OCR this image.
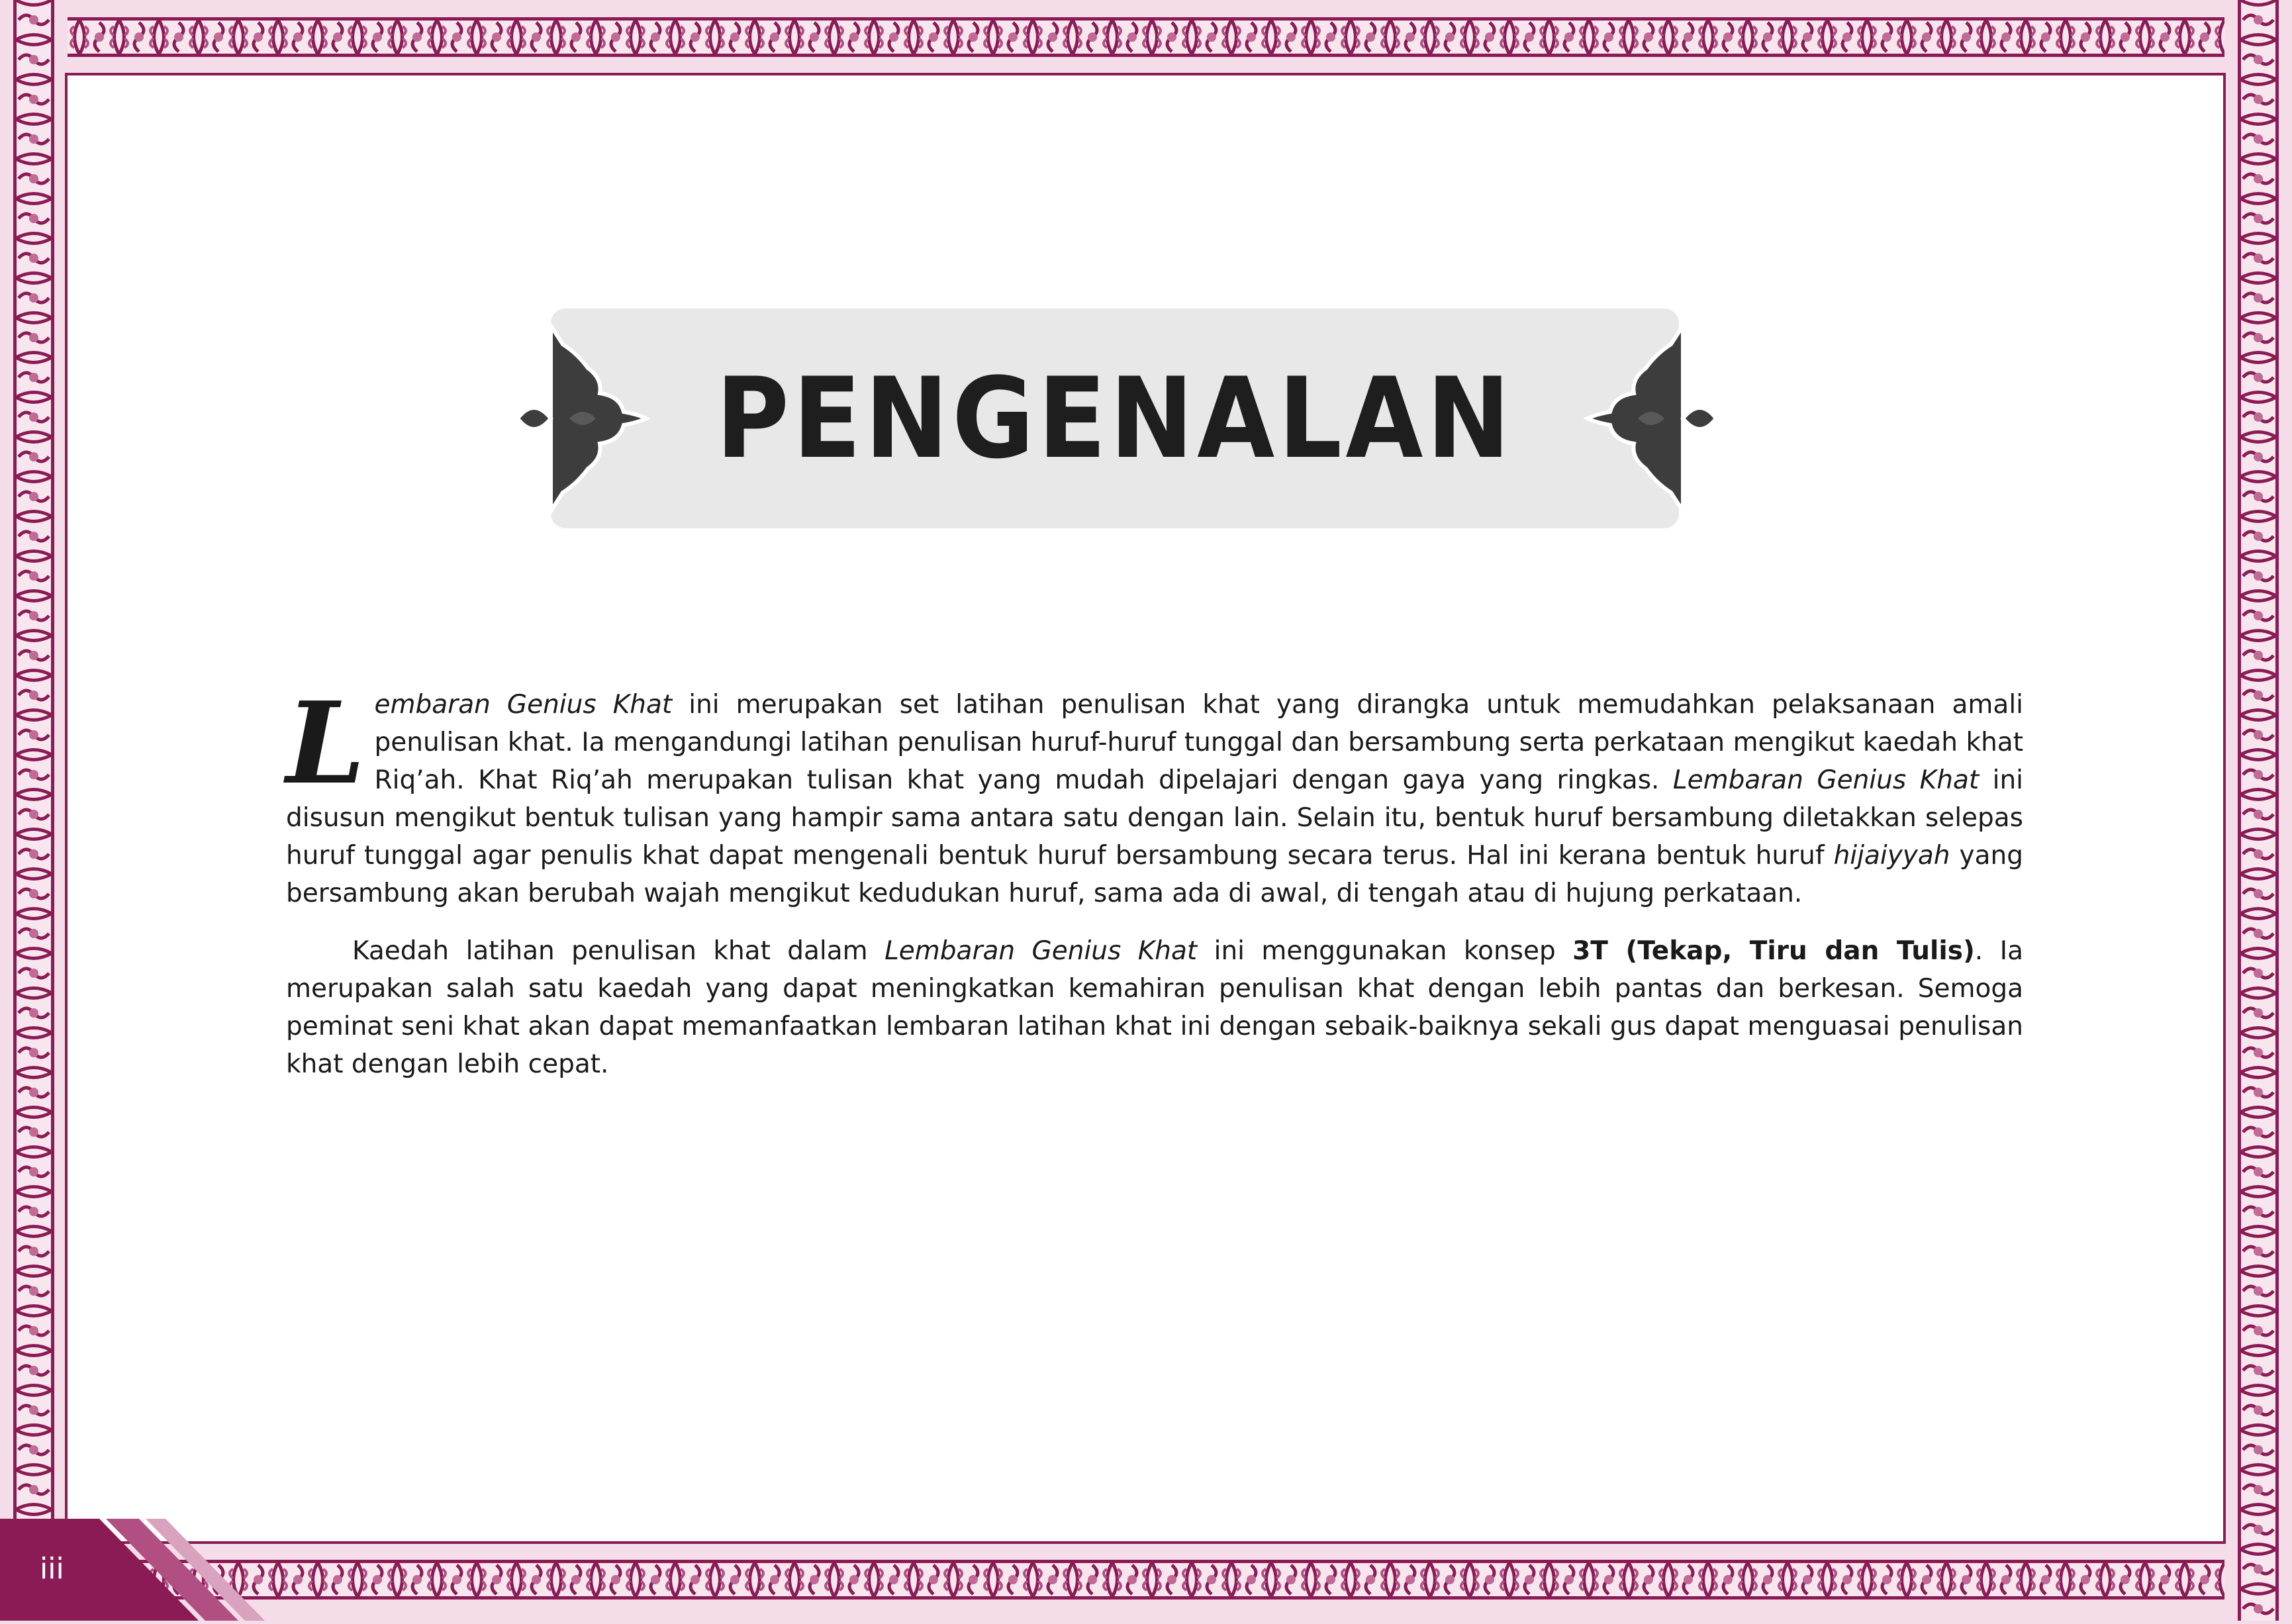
PENGENALAN

Lembaran Genius Khat ini merupakan set latihan penulisan khat yang dirangka untuk memudahkan pelaksanaan amali penulisan khat. Ia mengandungi latihan penulisan huruf-huruf tunggal dan bersambung serta perkataan mengikut kaedah khat Riq’ah. Khat Riq’ah merupakan tulisan khat yang mudah dipelajari dengan gaya yang ringkas. Lembaran Genius Khat ini disusun mengikut bentuk tulisan yang hampir sama antara satu dengan lain. Selain itu, bentuk huruf bersambung diletakkan selepas huruf tunggal agar penulis khat dapat mengenali bentuk huruf bersambung secara terus. Hal ini kerana bentuk huruf hijaiyyah yang bersambung akan berubah wajah mengikut kedudukan huruf, sama ada di awal, di tengah atau di hujung perkataan.

Kaedah latihan penulisan khat dalam Lembaran Genius Khat ini menggunakan konsep 3T (Tekap, Tiru dan Tulis). Ia merupakan salah satu kaedah yang dapat meningkatkan kemahiran penulisan khat dengan lebih pantas dan berkesan. Semoga peminat seni khat akan dapat memanfaatkan lembaran latihan khat ini dengan sebaik-baiknya sekali gus dapat menguasai penulisan khat dengan lebih cepat.

iii
